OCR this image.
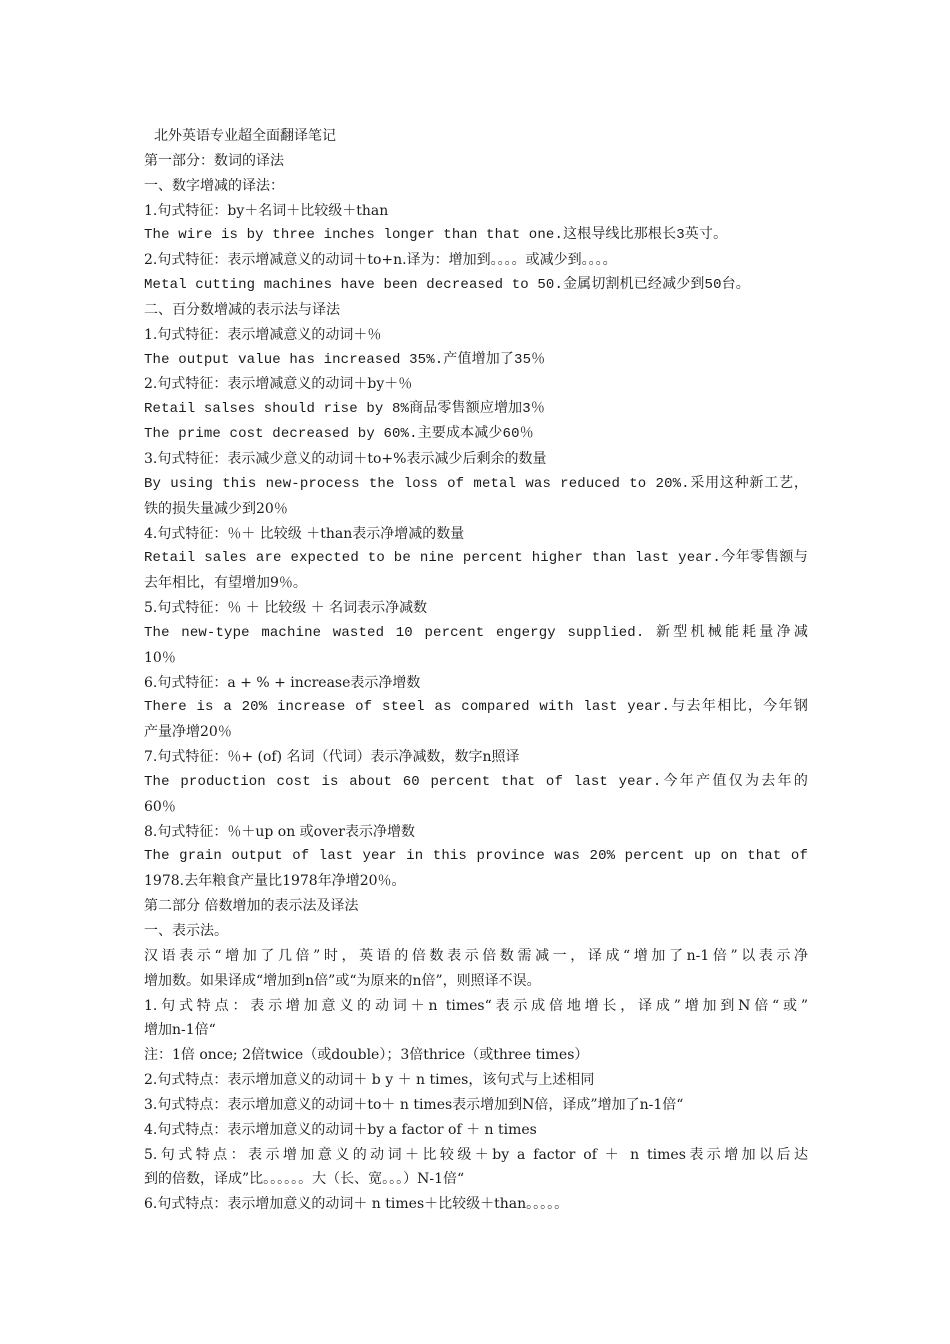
北外英语专业超全面翻译笔记
第一部分：数词的译法
一、数字增减的译法：
1.句式特征：by＋名词＋比较级＋than
The wire is by three inches longer than that one.这根导线比那根长3英寸。
2.句式特征：表示增减意义的动词＋to+n.译为：增加到。。。。或减少到。。。。
Metal cutting machines have been decreased to 50.金属切割机已经减少到50台。
二、百分数增减的表示法与译法
1.句式特征：表示增减意义的动词＋％
The output value has increased 35%.产值增加了35％
2.句式特征：表示增减意义的动词＋by＋％
Retail salses should rise by 8%商品零售额应增加3％
The prime cost decreased by 60%.主要成本减少60％
3.句式特征：表示减少意义的动词＋to+%表示减少后剩余的数量
By using this new-process the loss of metal was reduced to 20%.采用这种新工艺，
铁的损失量减少到20％
4.句式特征：％＋ 比较级 ＋than表示净增减的数量
Retail sales are expected to be nine percent higher than last year.今年零售额与
去年相比，有望增加9％。
5.句式特征：％ ＋ 比较级 ＋ 名词表示净减数
The new-type machine wasted 10 percent engergy supplied. 新型机械能耗量净减
10％
6.句式特征：a + % + increase表示净增数
There is a 20% increase of steel as compared with last year.与去年相比，今年钢
产量净增20％
7.句式特征：％+ (of) 名词（代词）表示净减数，数字n照译
The production cost is about 60 percent that of last year.今年产值仅为去年的
60％
8.句式特征：％＋up on 或over表示净增数
The grain output of last year in this province was 20% percent up on that of
1978.去年粮食产量比1978年净增20％。
第二部分 倍数增加的表示法及译法
一、表示法。
汉语表示“增加了几倍”时，英语的倍数表示倍数需减一，译成“增加了n-1倍”以表示净
增加数。如果译成“增加到n倍”或“为原来的n倍”，则照译不误。
1.句式特点：表示增加意义的动词＋n times“表示成倍地增长，译成”增加到N倍“或”
增加n-1倍“
注：1倍 once; 2倍twice（或double）；3倍thrice（或three times）
2.句式特点：表示增加意义的动词＋ b y ＋ n times，该句式与上述相同
3.句式特点：表示增加意义的动词＋to＋ n times表示增加到N倍，译成”增加了n-1倍“
4.句式特点：表示增加意义的动词＋by a factor of ＋ n times
5.句式特点：表示增加意义的动词＋比较级＋by a factor of ＋ n times表示增加以后达
到的倍数，译成”比。。。。。。大（长、宽。。。）N-1倍“
6.句式特点：表示增加意义的动词＋ n times＋比较级＋than。。。。。
